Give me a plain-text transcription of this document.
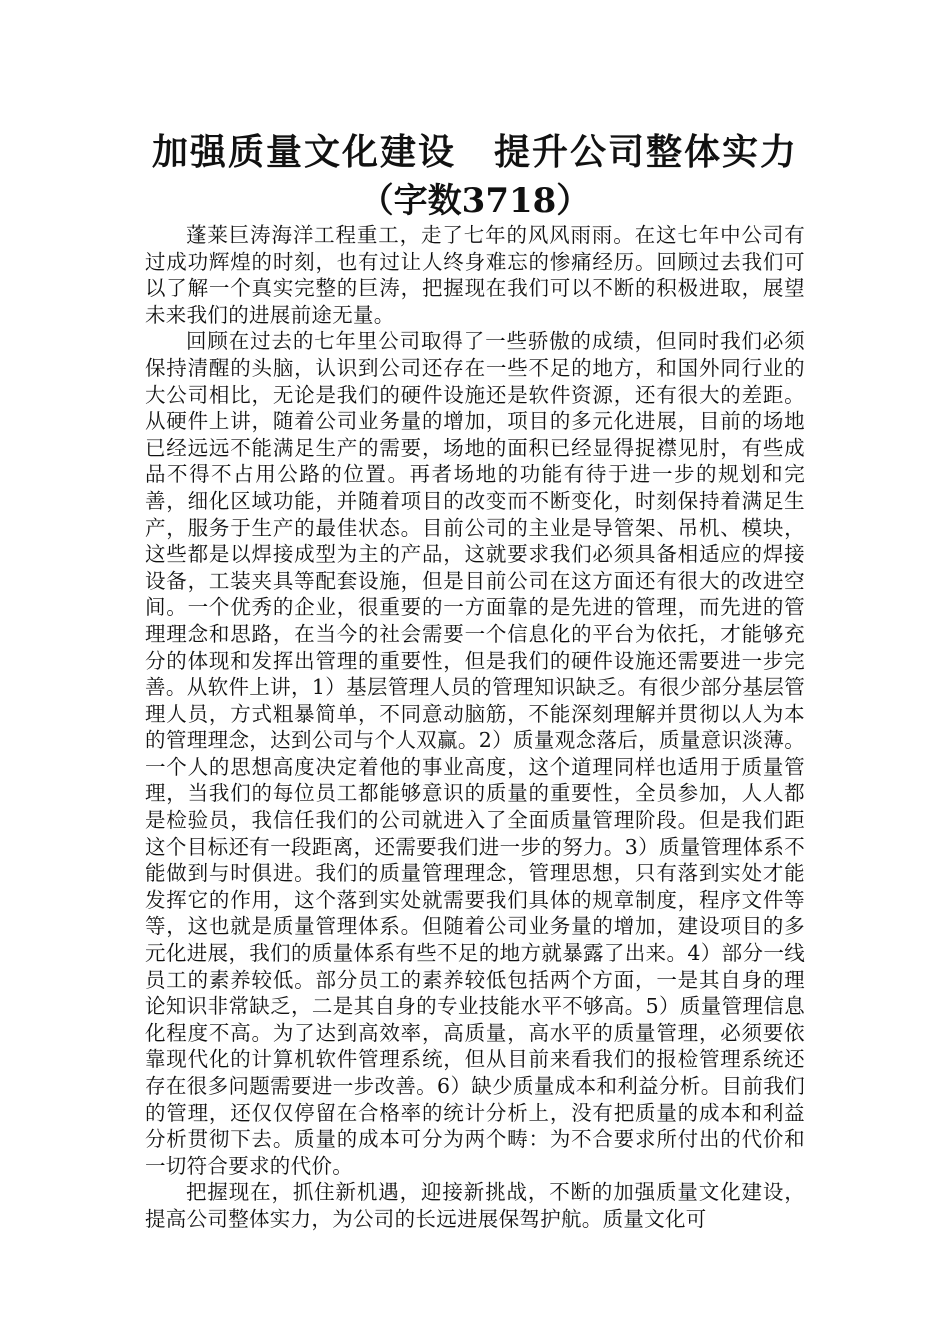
加强质量文化建设　提升公司整体实力
（字数3718）

蓬莱巨涛海洋工程重工，走了七年的风风雨雨。在这七年中公司有过成功辉煌的时刻，也有过让人终身难忘的惨痛经历。回顾过去我们可以了解一个真实完整的巨涛，把握现在我们可以不断的积极进取，展望未来我们的进展前途无量。

回顾在过去的七年里公司取得了一些骄傲的成绩，但同时我们必须保持清醒的头脑，认识到公司还存在一些不足的地方，和国外同行业的大公司相比，无论是我们的硬件设施还是软件资源，还有很大的差距。从硬件上讲，随着公司业务量的增加，项目的多元化进展，目前的场地已经远远不能满足生产的需要，场地的面积已经显得捉襟见肘，有些成品不得不占用公路的位置。再者场地的功能有待于进一步的规划和完善，细化区域功能，并随着项目的改变而不断变化，时刻保持着满足生产，服务于生产的最佳状态。目前公司的主业是导管架、吊机、模块，这些都是以焊接成型为主的产品，这就要求我们必须具备相适应的焊接设备，工装夹具等配套设施，但是目前公司在这方面还有很大的改进空间。一个优秀的企业，很重要的一方面靠的是先进的管理，而先进的管理理念和思路，在当今的社会需要一个信息化的平台为依托，才能够充分的体现和发挥出管理的重要性，但是我们的硬件设施还需要进一步完善。从软件上讲，1）基层管理人员的管理知识缺乏。有很少部分基层管理人员，方式粗暴简单，不同意动脑筋，不能深刻理解并贯彻以人为本的管理理念，达到公司与个人双赢。2）质量观念落后，质量意识淡薄。一个人的思想高度决定着他的事业高度，这个道理同样也适用于质量管理，当我们的每位员工都能够意识的质量的重要性，全员参加，人人都是检验员，我信任我们的公司就进入了全面质量管理阶段。但是我们距这个目标还有一段距离，还需要我们进一步的努力。3）质量管理体系不能做到与时俱进。我们的质量管理理念，管理思想，只有落到实处才能发挥它的作用，这个落到实处就需要我们具体的规章制度，程序文件等等，这也就是质量管理体系。但随着公司业务量的增加，建设项目的多元化进展，我们的质量体系有些不足的地方就暴露了出来。4）部分一线员工的素养较低。部分员工的素养较低包括两个方面，一是其自身的理论知识非常缺乏，二是其自身的专业技能水平不够高。5）质量管理信息化程度不高。为了达到高效率，高质量，高水平的质量管理，必须要依靠现代化的计算机软件管理系统，但从目前来看我们的报检管理系统还存在很多问题需要进一步改善。6）缺少质量成本和利益分析。目前我们的管理，还仅仅停留在合格率的统计分析上，没有把质量的成本和利益分析贯彻下去。质量的成本可分为两个畴：为不合要求所付出的代价和一切符合要求的代价。

把握现在，抓住新机遇，迎接新挑战，不断的加强质量文化建设，提高公司整体实力，为公司的长远进展保驾护航。质量文化可
